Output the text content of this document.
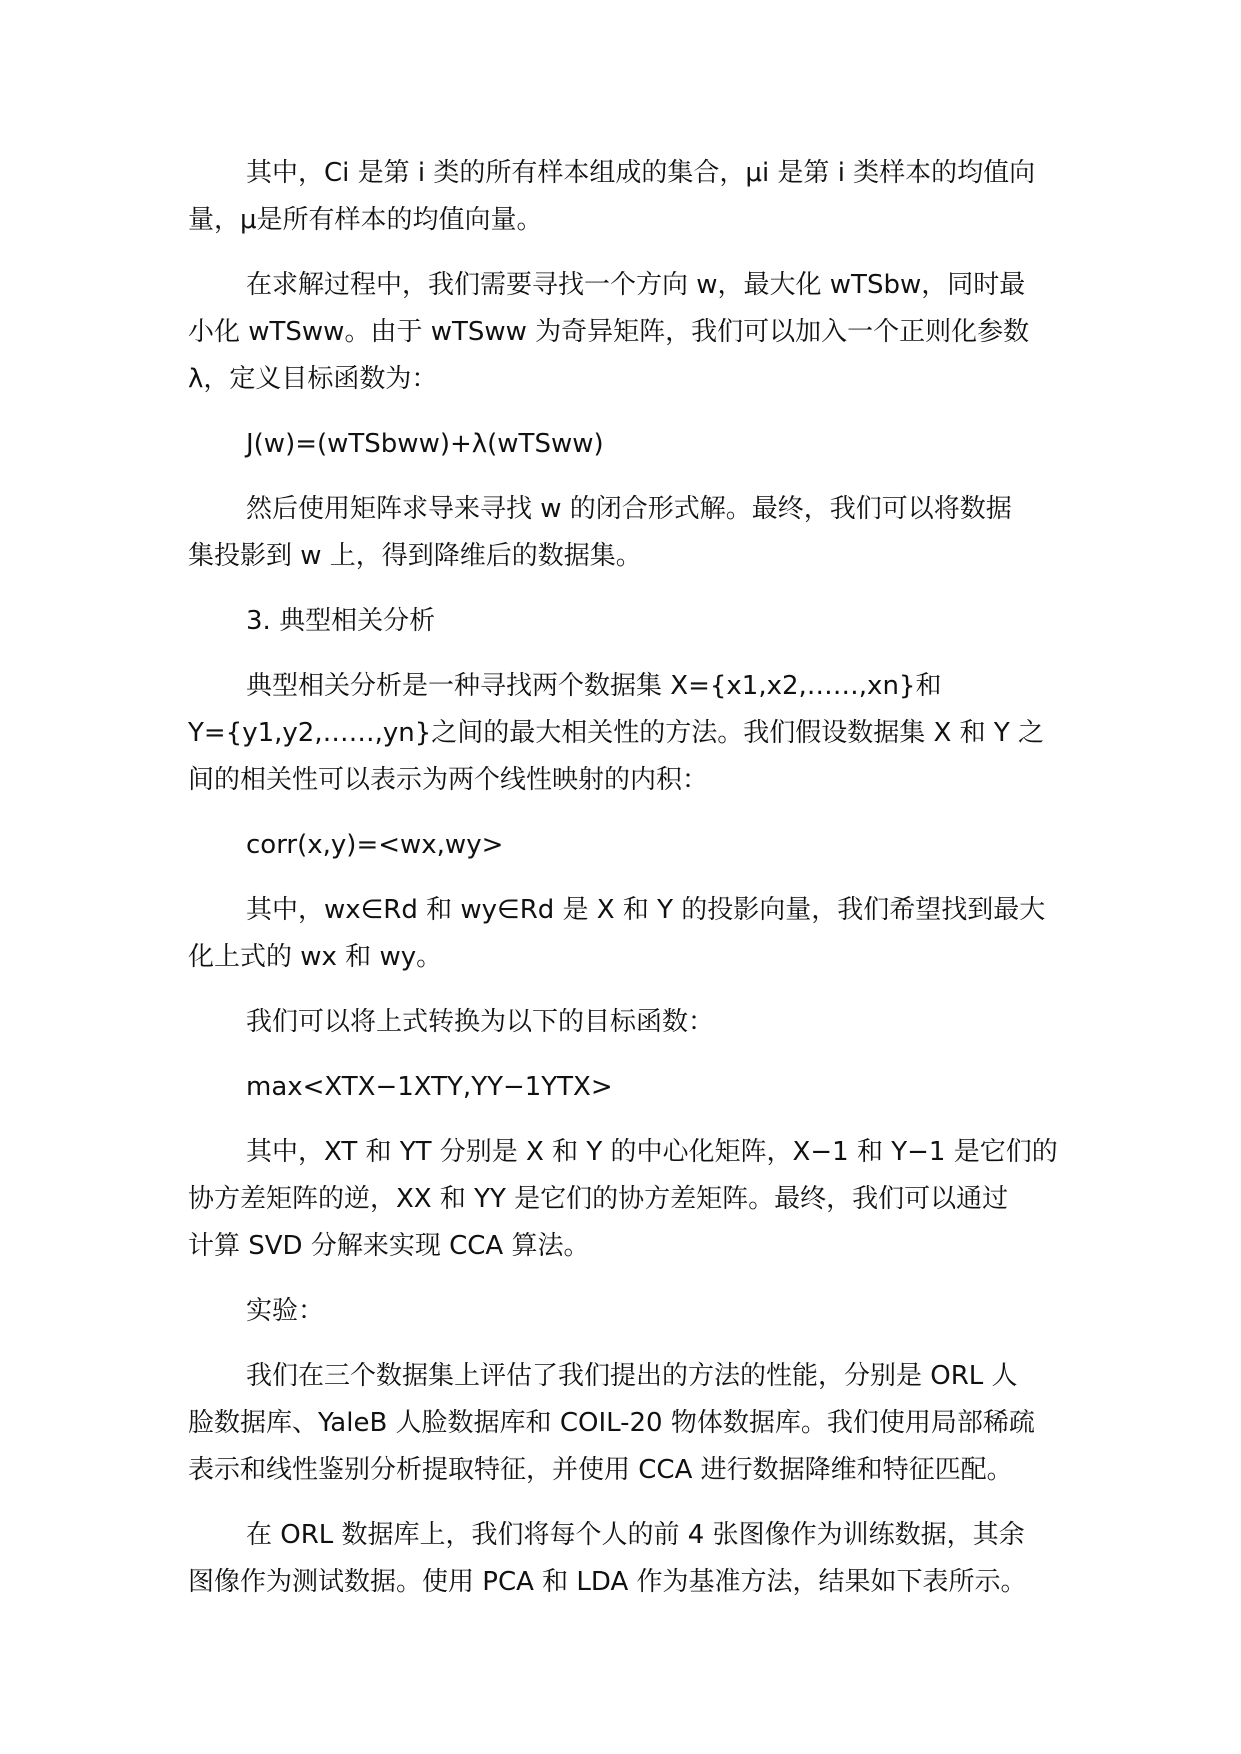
其中，Ci 是第 i 类的所有样本组成的集合，μi 是第 i 类样本的均值向
量，μ是所有样本的均值向量。

在求解过程中，我们需要寻找一个方向 w，最大化 wTSbw，同时最
小化 wTSww。由于 wTSww 为奇异矩阵，我们可以加入一个正则化参数
λ，定义目标函数为：

J(w)=(wTSbww)+λ(wTSww)

然后使用矩阵求导来寻找 w 的闭合形式解。最终，我们可以将数据
集投影到 w 上，得到降维后的数据集。

3. 典型相关分析

典型相关分析是一种寻找两个数据集 X={x1,x2,……,xn}和
Y={y1,y2,……,yn}之间的最大相关性的方法。我们假设数据集 X 和 Y 之
间的相关性可以表示为两个线性映射的内积：

corr(x,y)=<wx,wy>

其中，wx∈Rd 和 wy∈Rd 是 X 和 Y 的投影向量，我们希望找到最大
化上式的 wx 和 wy。

我们可以将上式转换为以下的目标函数：

max<XTX−1XTY,YY−1YTX>

其中，XT 和 YT 分别是 X 和 Y 的中心化矩阵，X−1 和 Y−1 是它们的
协方差矩阵的逆，XX 和 YY 是它们的协方差矩阵。最终，我们可以通过
计算 SVD 分解来实现 CCA 算法。

实验：

我们在三个数据集上评估了我们提出的方法的性能，分别是 ORL 人
脸数据库、YaleB 人脸数据库和 COIL-20 物体数据库。我们使用局部稀疏
表示和线性鉴别分析提取特征，并使用 CCA 进行数据降维和特征匹配。

在 ORL 数据库上，我们将每个人的前 4 张图像作为训练数据，其余
图像作为测试数据。使用 PCA 和 LDA 作为基准方法，结果如下表所示。
